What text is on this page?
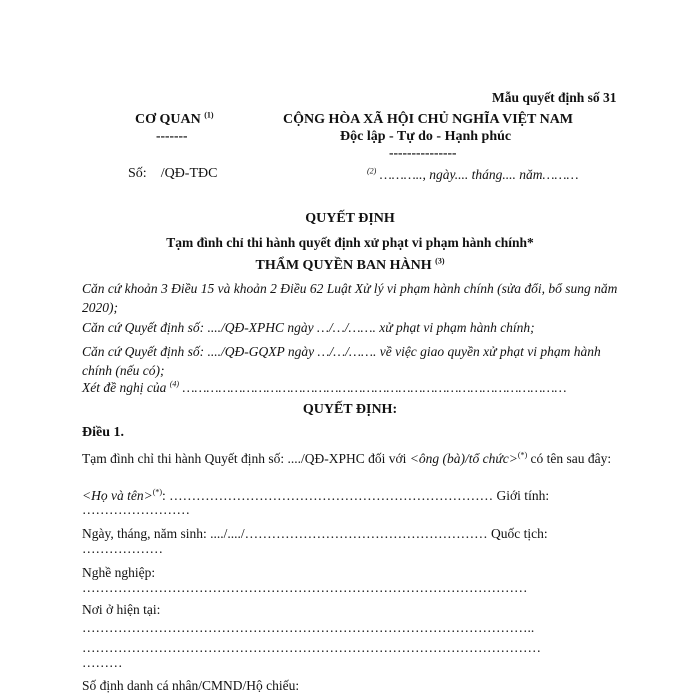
Mẫu quyết định số 31
CƠ QUAN $^{(1)}$
-------
CỘNG HÒA XÃ HỘI CHỦ NGHĨA VIỆT NAM
Độc lập - Tự do - Hạnh phúc
---------------
Số: /QĐ-TĐC	$^{(2)}$ ……….., ngày.... tháng.... năm………
QUYẾT ĐỊNH
Tạm đình chỉ thi hành quyết định xử phạt vi phạm hành chính*
THẨM QUYỀN BAN HÀNH $^{(3)}$
Căn cứ khoản 3 Điều 15 và khoản 2 Điều 62 Luật Xử lý vi phạm hành chính (sửa đổi, bổ sung năm 2020);
Căn cứ Quyết định số: ..../QĐ-XPHC ngày …/…/……. xử phạt vi phạm hành chính;
Căn cứ Quyết định số: ..../QĐ-GQXP ngày …/…/……. về việc giao quyền xử phạt vi phạm hành chính (nếu có);
Xét đề nghị của $^{(4)}$ ……………………………………………………………………………………
QUYẾT ĐỊNH:
Điều 1.
Tạm đình chỉ thi hành Quyết định số: ..../QĐ-XPHC đối với <ông (bà)/tổ chức>(*) có tên sau đây:
<Họ và tên>(*): ……………………………………………………………… Giới tính:
……………………
Ngày, tháng, năm sinh: ..../..../……………………………………………… Quốc tịch:
………………
Nghề nghiệp:
………………………………………………………………………………………
Nơi ở hiện tại:
………………………………………………………………………………………..
…………………………………………………………………………………………
………
Số định danh cá nhân/CMND/Hộ chiếu:
